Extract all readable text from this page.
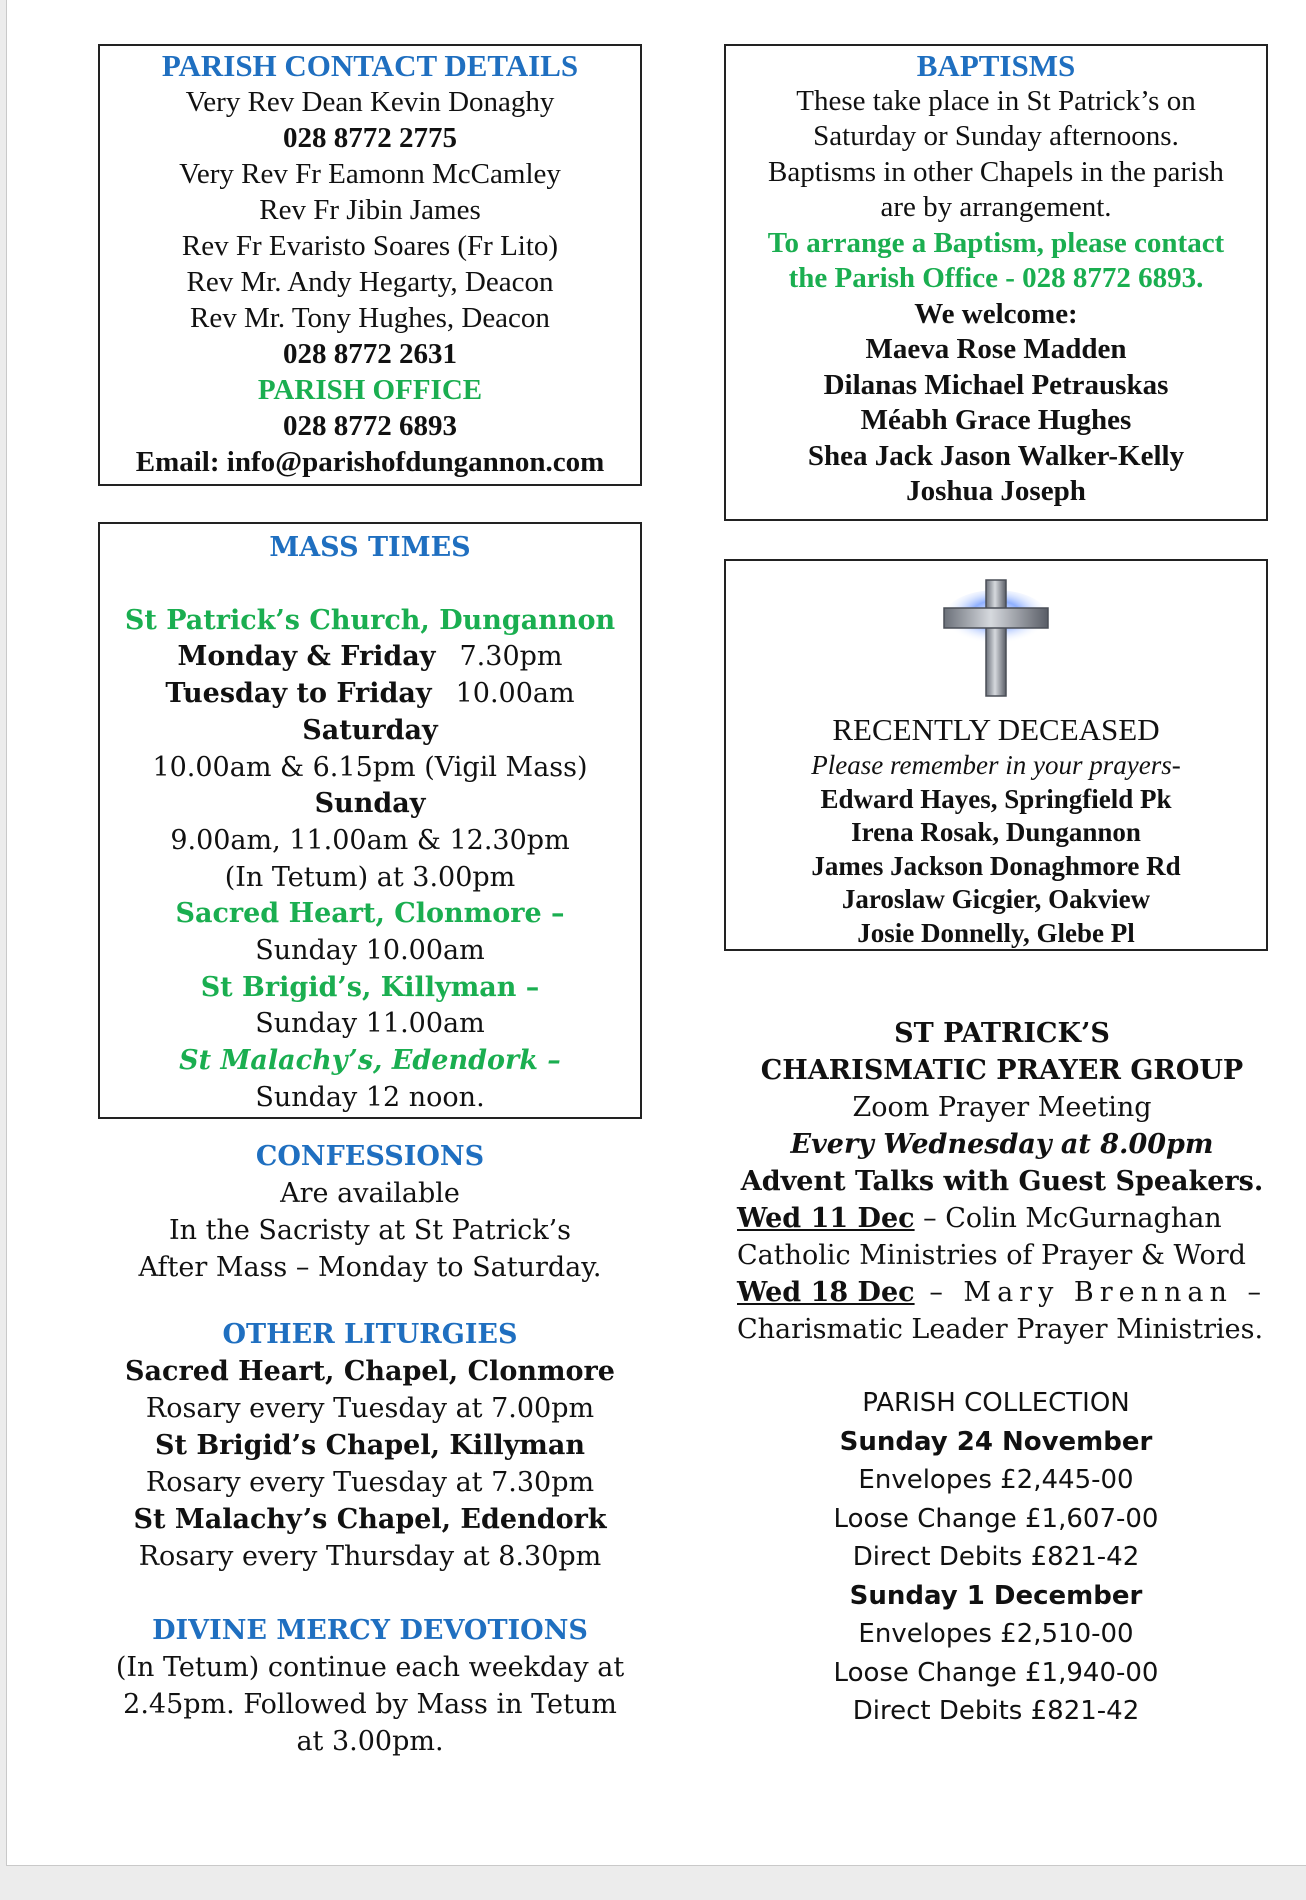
PARISH CONTACT DETAILS
Very Rev Dean Kevin Donaghy
028 8772 2775
Very Rev Fr Eamonn McCamley
Rev Fr Jibin James
Rev Fr Evaristo Soares (Fr Lito)
Rev Mr. Andy Hegarty, Deacon
Rev Mr. Tony Hughes, Deacon
028 8772 2631
PARISH OFFICE
028 8772 6893
Email: info@parishofdungannon.com
BAPTISMS
These take place in St Patrick’s on
Saturday or Sunday afternoons.
Baptisms in other Chapels in the parish
are by arrangement.
To arrange a Baptism, please contact
the Parish Office - 028 8772 6893.
We welcome:
Maeva Rose Madden
Dilanas Michael Petrauskas
Méabh Grace Hughes
Shea Jack Jason Walker-Kelly
Joshua Joseph
MASS TIMES
St Patrick’s Church, Dungannon
Monday & Friday 7.30pm
Tuesday to Friday 10.00am
Saturday
10.00am & 6.15pm (Vigil Mass)
Sunday
9.00am, 11.00am & 12.30pm
(In Tetum) at 3.00pm
Sacred Heart, Clonmore –
Sunday 10.00am
St Brigid’s, Killyman –
Sunday 11.00am
St Malachy’s, Edendork –
Sunday 12 noon.
RECENTLY DECEASED
Please remember in your prayers-
Edward Hayes, Springfield Pk
Irena Rosak, Dungannon
James Jackson Donaghmore Rd
Jaroslaw Gicgier, Oakview
Josie Donnelly, Glebe Pl
CONFESSIONS
Are available
In the Sacristy at St Patrick’s
After Mass – Monday to Saturday.
OTHER LITURGIES
Sacred Heart, Chapel, Clonmore
Rosary every Tuesday at 7.00pm
St Brigid’s Chapel, Killyman
Rosary every Tuesday at 7.30pm
St Malachy’s Chapel, Edendork
Rosary every Thursday at 8.30pm
DIVINE MERCY DEVOTIONS
(In Tetum) continue each weekday at
2.45pm. Followed by Mass in Tetum
at 3.00pm.
ST PATRICK’S
CHARISMATIC PRAYER GROUP
Zoom Prayer Meeting
Every Wednesday at 8.00pm
Advent Talks with Guest Speakers.
Wed 11 Dec – Colin McGurnaghan
Catholic Ministries of Prayer & Word
Wed 18 Dec – Mary Brennan –
Charismatic Leader Prayer Ministries.
PARISH COLLECTION
Sunday 24 November
Envelopes £2,445-00
Loose Change £1,607-00
Direct Debits £821-42
Sunday 1 December
Envelopes £2,510-00
Loose Change £1,940-00
Direct Debits £821-42
